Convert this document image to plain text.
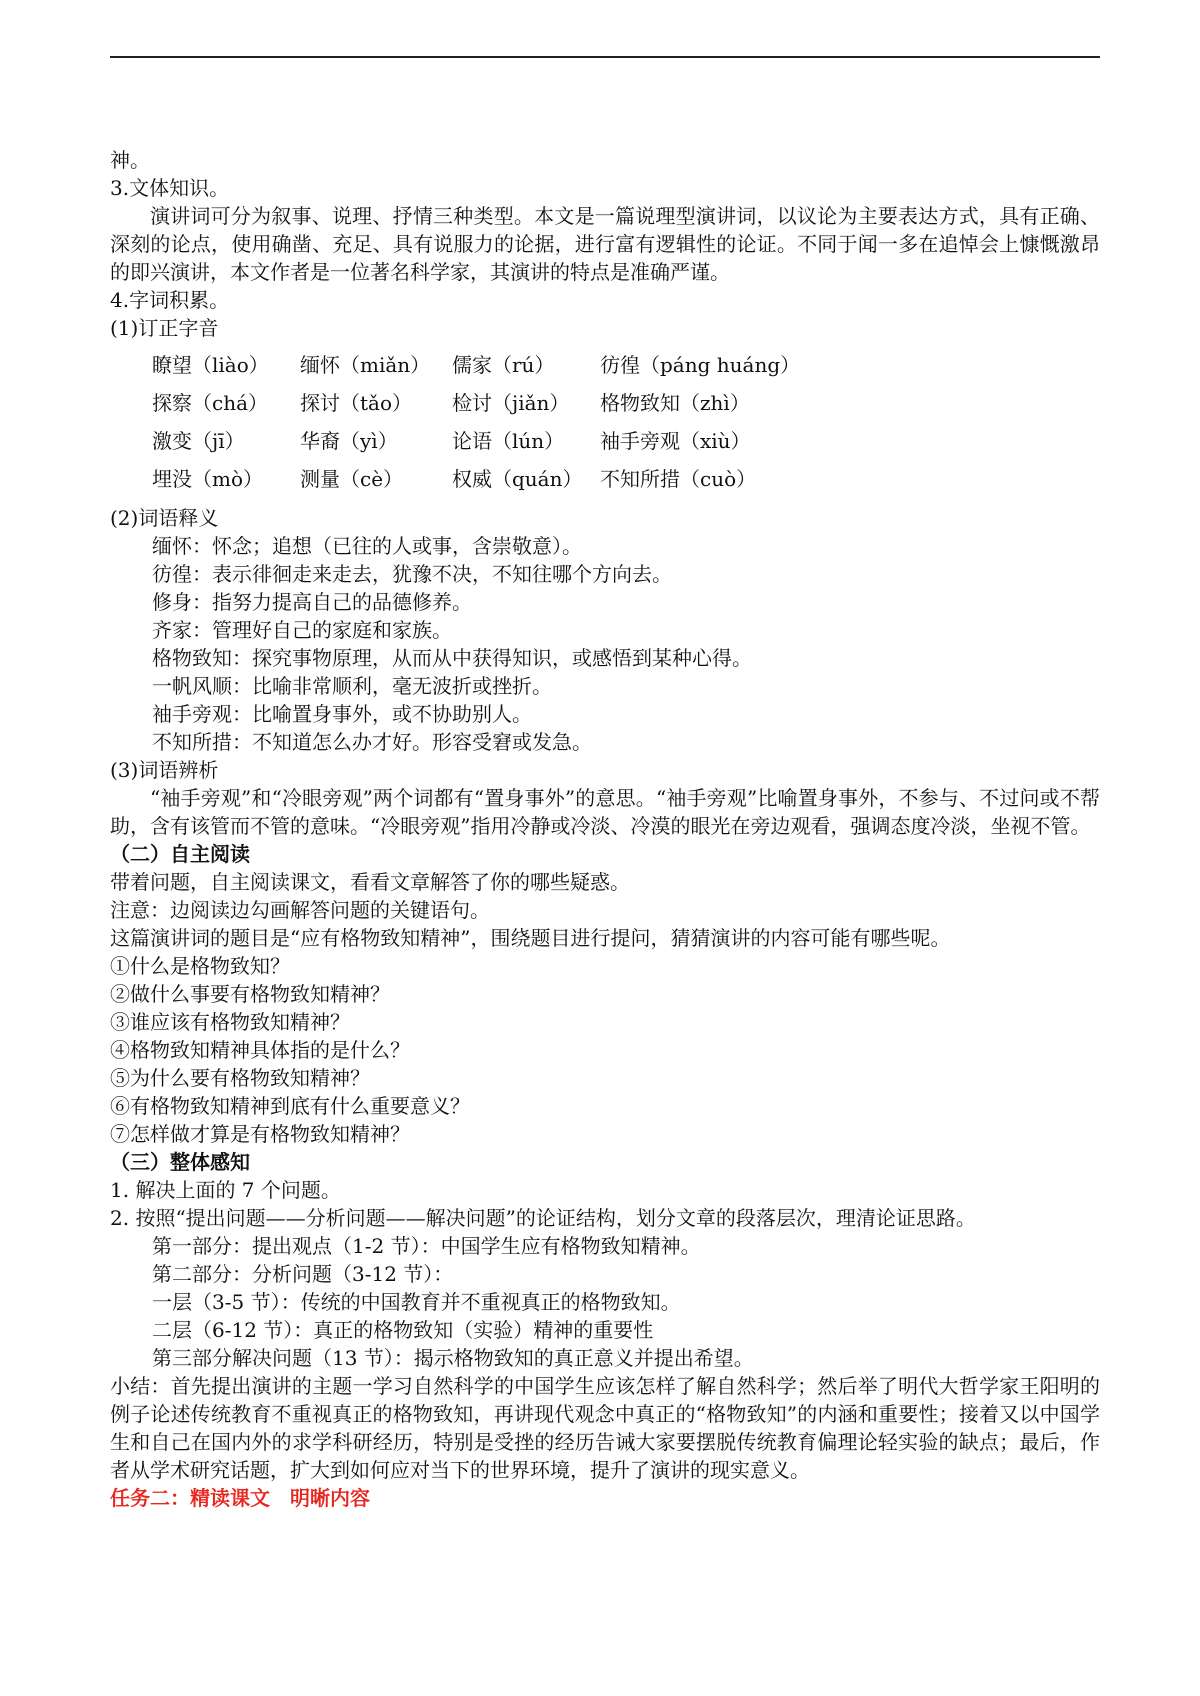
神。
3.文体知识。
演讲词可分为叙事、说理、抒情三种类型。本文是一篇说理型演讲词，以议论为主要表达方式，具有正确、深刻的论点，使用确凿、充足、具有说服力的论据，进行富有逻辑性的论证。不同于闻一多在追悼会上慷慨激昂的即兴演讲，本文作者是一位著名科学家，其演讲的特点是准确严谨。
4.字词积累。
(1)订正字音
瞭望（liào）	缅怀（miǎn）	儒家（rú）	彷徨（páng huáng）
探察（chá）	探讨（tǎo）	检讨（jiǎn）	格物致知（zhì）
激变（jī）	华裔（yì）	论语（lún）	袖手旁观（xiù）
埋没（mò）	测量（cè）	权威（quán）	不知所措（cuò）
(2)词语释义
缅怀：怀念；追想（已往的人或事，含崇敬意）。
彷徨：表示徘徊走来走去，犹豫不决，不知往哪个方向去。
修身：指努力提高自己的品德修养。
齐家：管理好自己的家庭和家族。
格物致知：探究事物原理，从而从中获得知识，或感悟到某种心得。
一帆风顺：比喻非常顺利，毫无波折或挫折。
袖手旁观：比喻置身事外，或不协助别人。
不知所措：不知道怎么办才好。形容受窘或发急。
(3)词语辨析
“袖手旁观”和“冷眼旁观”两个词都有“置身事外”的意思。“袖手旁观”比喻置身事外，不参与、不过问或不帮助，含有该管而不管的意味。“冷眼旁观”指用冷静或冷淡、冷漠的眼光在旁边观看，强调态度冷淡，坐视不管。
（二）自主阅读
带着问题，自主阅读课文，看看文章解答了你的哪些疑惑。
注意：边阅读边勾画解答问题的关键语句。
这篇演讲词的题目是“应有格物致知精神”，围绕题目进行提问，猜猜演讲的内容可能有哪些呢。
①什么是格物致知？
②做什么事要有格物致知精神？
③谁应该有格物致知精神？
④格物致知精神具体指的是什么？
⑤为什么要有格物致知精神？
⑥有格物致知精神到底有什么重要意义？
⑦怎样做才算是有格物致知精神？
（三）整体感知
1. 解决上面的 7 个问题。
2. 按照“提出问题——分析问题——解决问题”的论证结构，划分文章的段落层次，理清论证思路。
第一部分：提出观点（1-2 节）：中国学生应有格物致知精神。
第二部分：分析问题（3-12 节）：
一层（3-5 节）：传统的中国教育并不重视真正的格物致知。
二层（6-12 节）：真正的格物致知（实验）精神的重要性
第三部分解决问题（13 节）：揭示格物致知的真正意义并提出希望。
小结：首先提出演讲的主题一学习自然科学的中国学生应该怎样了解自然科学；然后举了明代大哲学家王阳明的例子论述传统教育不重视真正的格物致知，再讲现代观念中真正的“格物致知”的内涵和重要性；接着又以中国学生和自己在国内外的求学科研经历，特别是受挫的经历告诫大家要摆脱传统教育偏理论轻实验的缺点；最后，作者从学术研究话题，扩大到如何应对当下的世界环境，提升了演讲的现实意义。
任务二：精读课文　明晰内容
